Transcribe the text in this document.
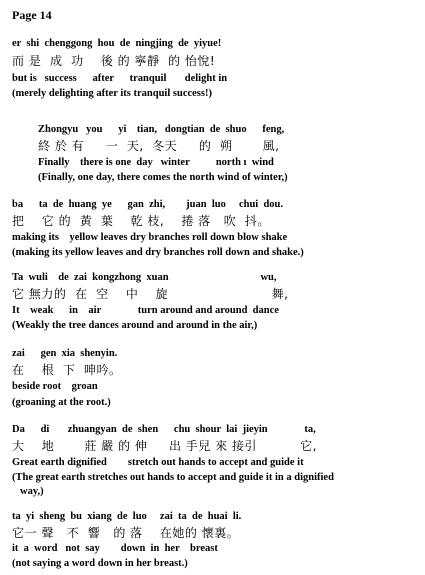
Page 14
er  shi  chenggong  hou  de  ningjing  de  yiyue!
而 是  成  功    後 的 寧靜  的 怡悅!
but is   success      after      tranquil       delight in
(merely delighting after its tranquil success!)
Zhongyu   you      yi    tian,   dongtian  de  shuo      feng,
終 於 有     一  天,  冬天     的  朔       風,
Finally    there is one  day   winter          north ı  wind
(Finally, one day, there comes the north wind of winter,)
ba      ta  de  huang  ye      gan  zhi,        juan  luo     chui  dou.
把    它 的  黃  葉    乾 枝,    捲 落   吹  抖。
making its    yellow leaves dry branches roll down blow shake
(making its yellow leaves and dry branches roll down and shake.)
Ta  wuli    de  zai  kongzhong  xuan                                   wu,
它 無力的  在  空    中    旋                        舞,
It    weak      in    air              turn around and around  dance
(Weakly the tree dances around and around in the air,)
zai      gen  xia  shenyin.
在    根  下  呻吟。
beside root    groan
(groaning at the root.)
Da      di       zhuangyan  de  shen      chu  shour  lai  jieyin              ta,
大    地       莊 嚴 的 伸     出 手兒 來 接引          它,
Great earth dignified        stretch out hands to accept and guide it
(The great earth stretches out hands to accept and guide it in a dignified
way,)
ta  yi  sheng  bu  xiang  de  luo     zai  ta  de  huai  li.
它一 聲   不  響   的 落    在她的 懷裏。
it  a  word   not  say        down  in  her    breast
(not saying a word down in her breast.)
